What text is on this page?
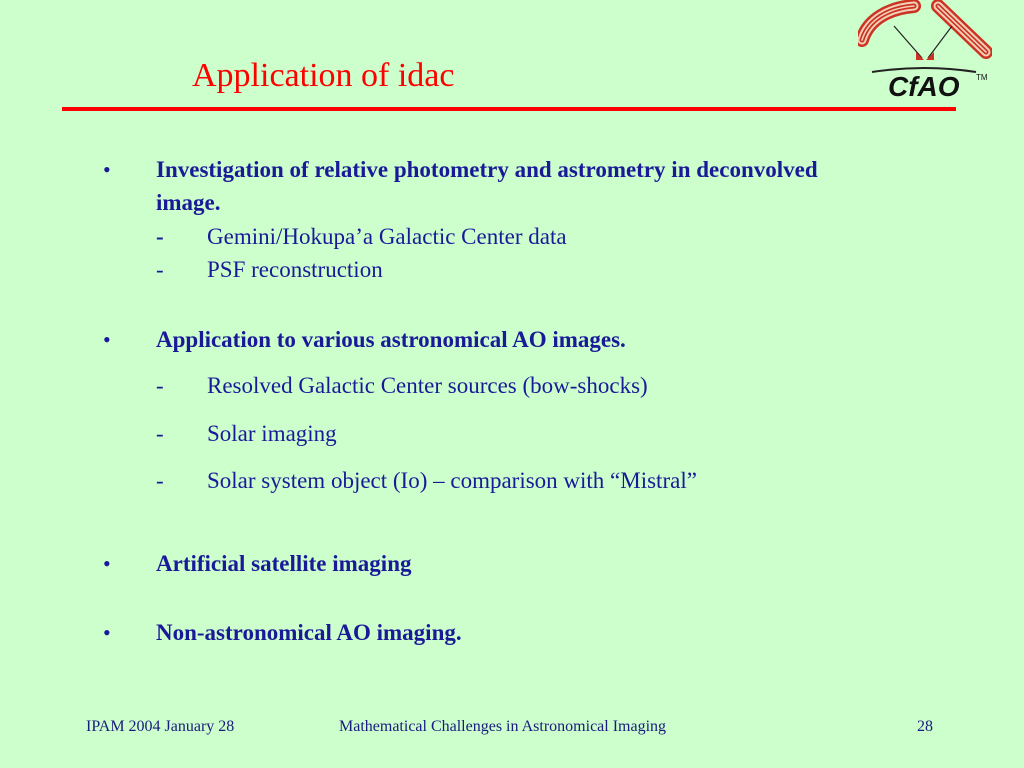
Application of idac	CfAO TM
• Investigation of relative photometry and astrometry in deconvolved image.
- Gemini/Hokupa’a Galactic Center data
- PSF reconstruction
• Application to various astronomical AO images.
- Resolved Galactic Center sources (bow-shocks)
- Solar imaging
- Solar system object (Io) – comparison with “Mistral”
• Artificial satellite imaging
• Non-astronomical AO imaging.
IPAM 2004 January 28	Mathematical Challenges in Astronomical Imaging	28
